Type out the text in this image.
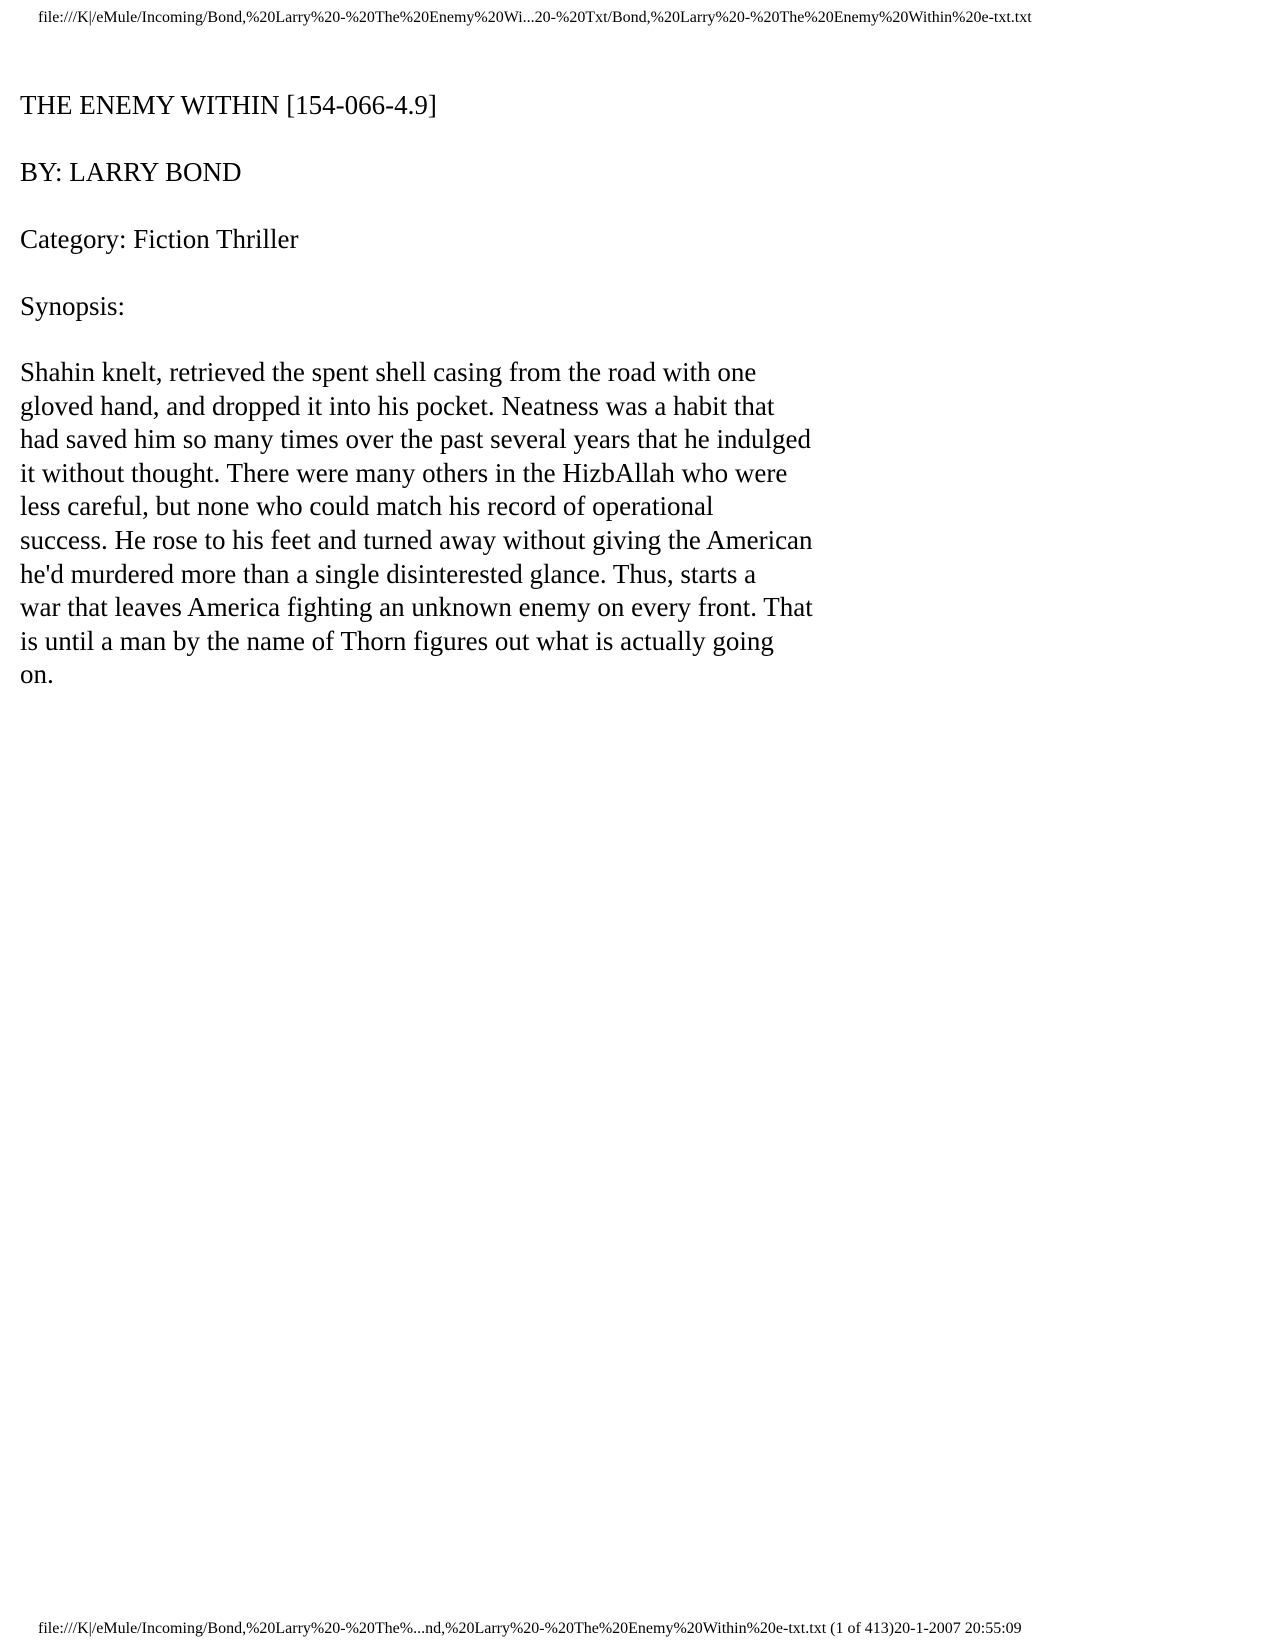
file:///K|/eMule/Incoming/Bond,%20Larry%20-%20The%20Enemy%20Wi...20-%20Txt/Bond,%20Larry%20-%20The%20Enemy%20Within%20e-txt.txt
THE ENEMY WITHIN [154-066-4.9]
BY: LARRY BOND
Category: Fiction Thriller
Synopsis:
Shahin knelt, retrieved the spent shell casing from the road with one
gloved hand, and dropped it into his pocket. Neatness was a habit that
had saved him so many times over the past several years that he indulged
it without thought. There were many others in the HizbAllah who were
less careful, but none who could match his record of operational
success. He rose to his feet and turned away without giving the American
he'd murdered more than a single disinterested glance. Thus, starts a
war that leaves America fighting an unknown enemy on every front. That
is until a man by the name of Thorn figures out what is actually going
on.
file:///K|/eMule/Incoming/Bond,%20Larry%20-%20The%...nd,%20Larry%20-%20The%20Enemy%20Within%20e-txt.txt (1 of 413)20-1-2007 20:55:09
